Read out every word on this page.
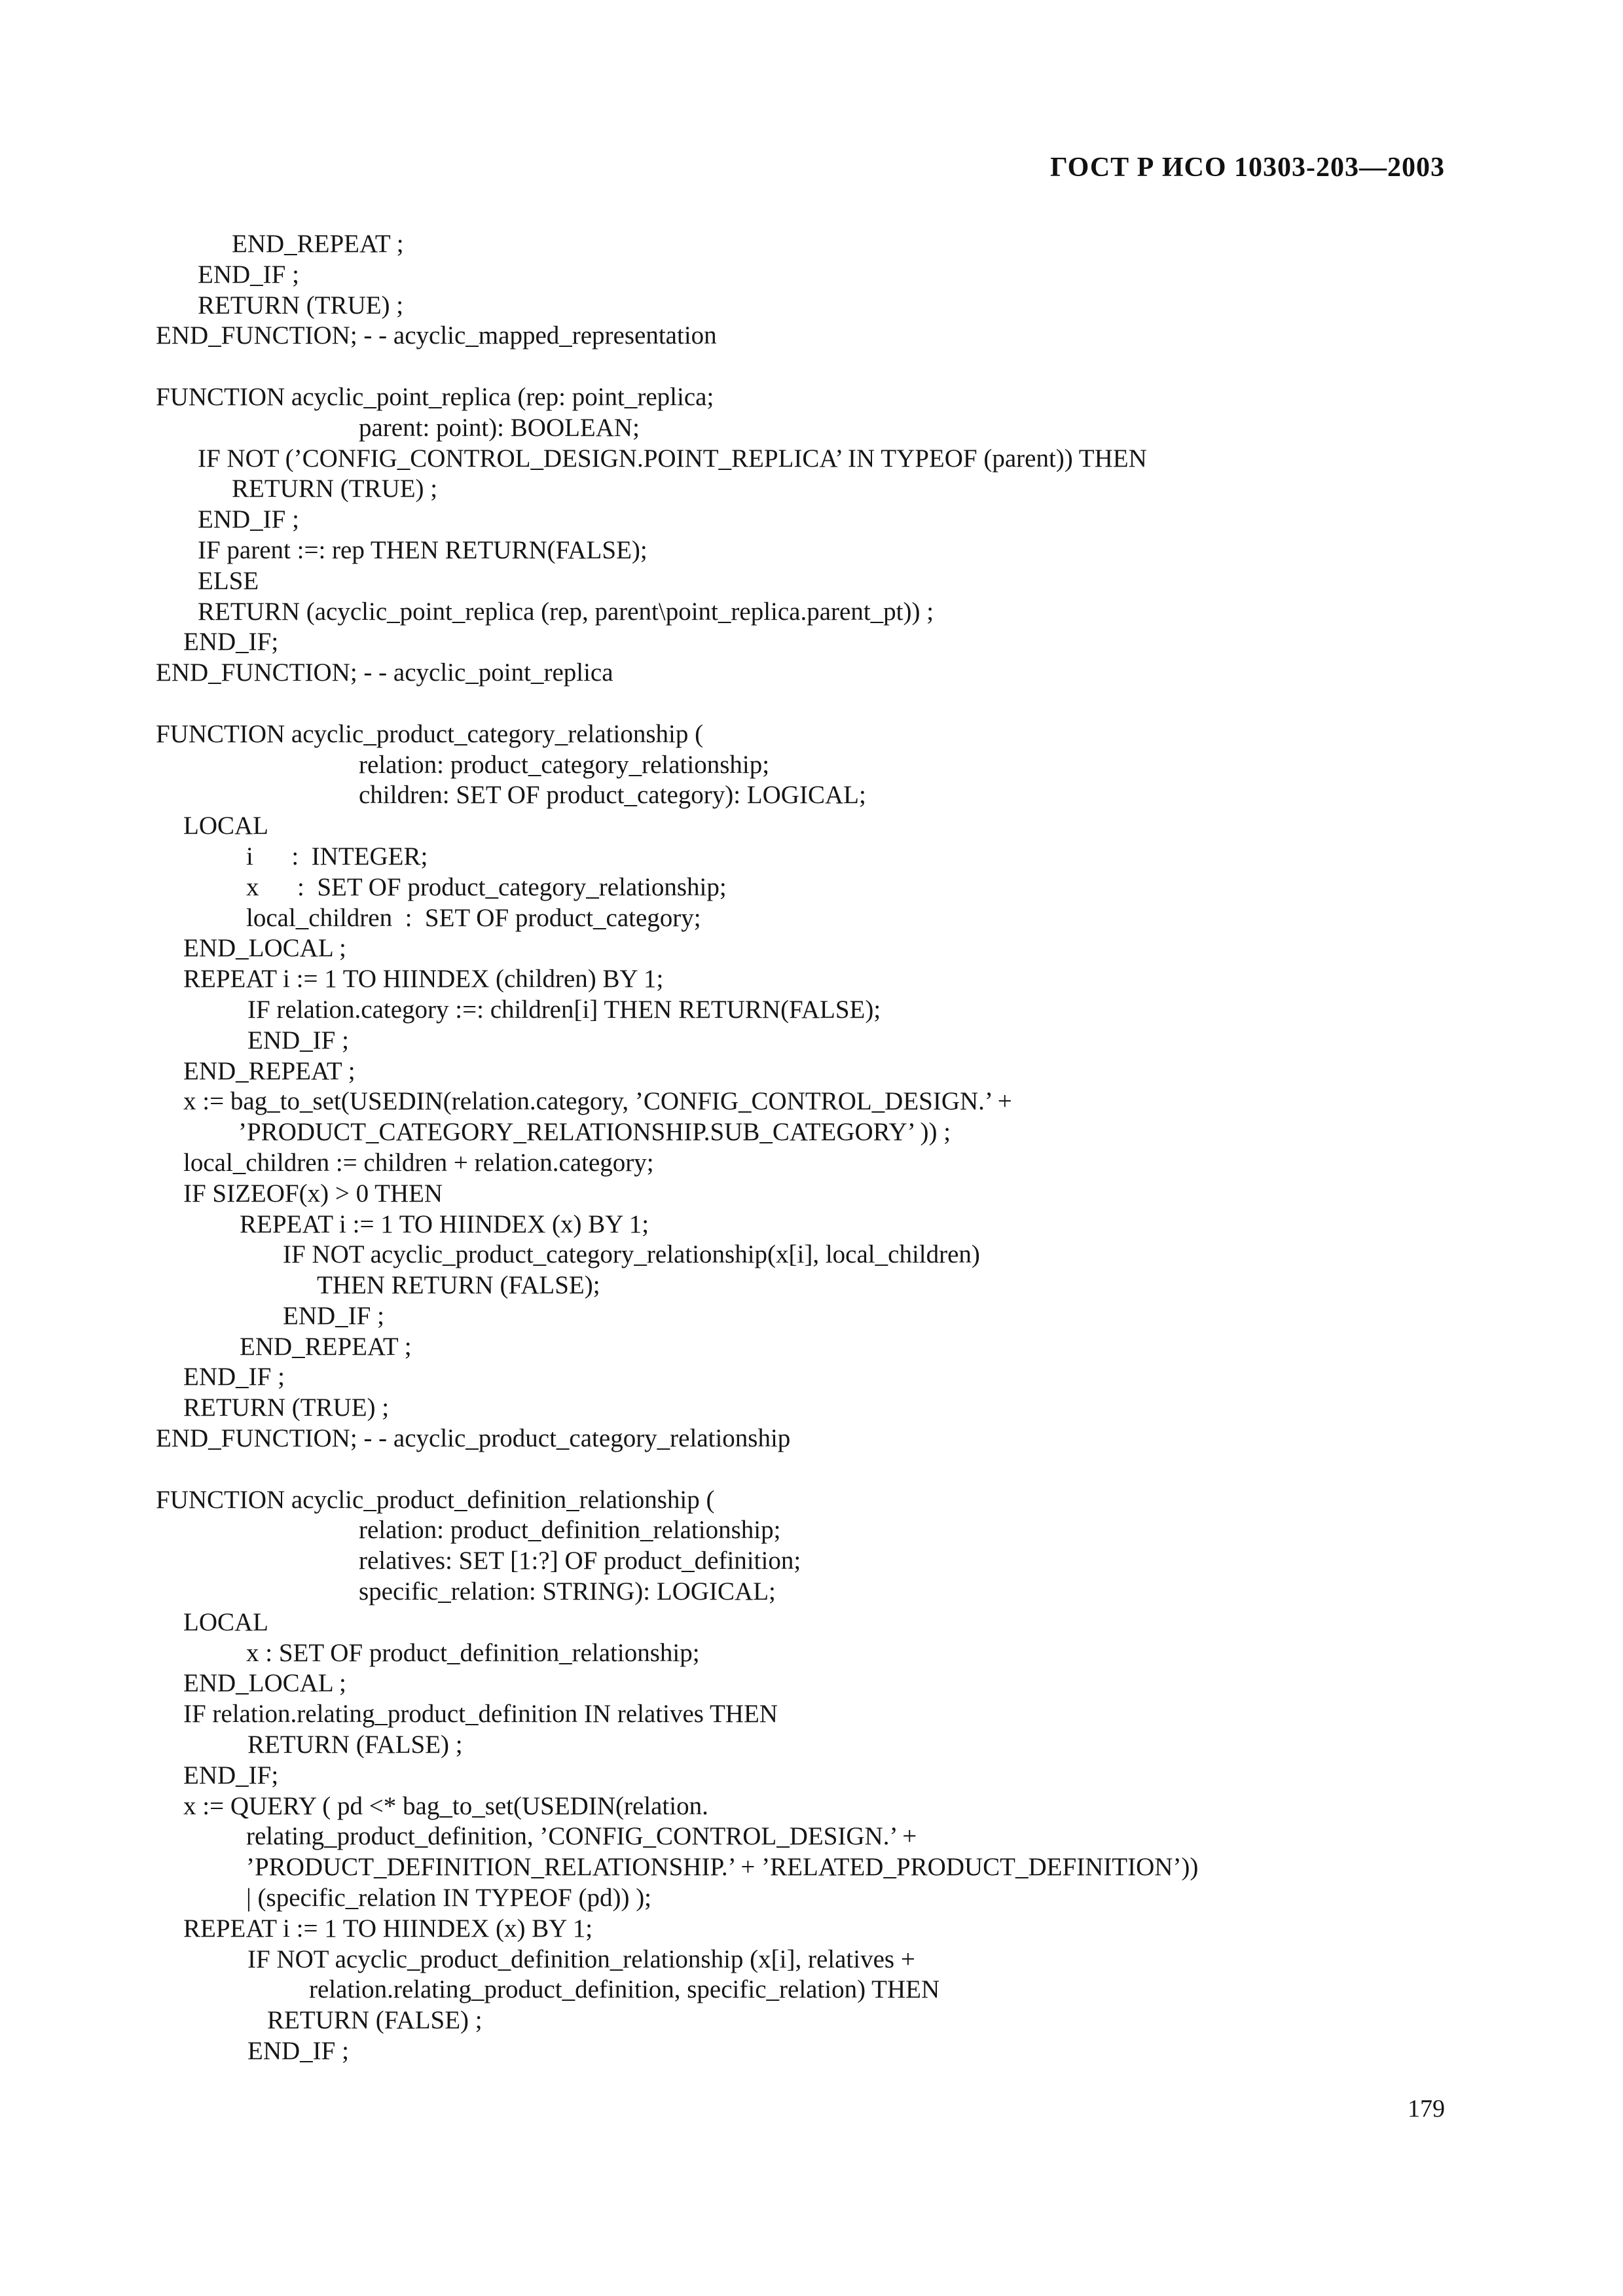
ГОСТ Р ИСО 10303-203—2003
END_REPEAT ;
END_IF ;
RETURN (TRUE) ;
END_FUNCTION; - - acyclic_mapped_representation
FUNCTION acyclic_point_replica (rep: point_replica;
parent: point): BOOLEAN;
IF NOT (’CONFIG_CONTROL_DESIGN.POINT_REPLICA’ IN TYPEOF (parent)) THEN
RETURN (TRUE) ;
END_IF ;
IF parent :=: rep THEN RETURN(FALSE);
ELSE
RETURN (acyclic_point_replica (rep, parent\point_replica.parent_pt)) ;
END_IF;
END_FUNCTION; - - acyclic_point_replica
FUNCTION acyclic_product_category_relationship (
relation: product_category_relationship;
children: SET OF product_category): LOGICAL;
LOCAL
i      :  INTEGER;
x      :  SET OF product_category_relationship;
local_children  :  SET OF product_category;
END_LOCAL ;
REPEAT i := 1 TO HIINDEX (children) BY 1;
IF relation.category :=: children[i] THEN RETURN(FALSE);
END_IF ;
END_REPEAT ;
x := bag_to_set(USEDIN(relation.category, ’CONFIG_CONTROL_DESIGN.’ +
’PRODUCT_CATEGORY_RELATIONSHIP.SUB_CATEGORY’ )) ;
local_children := children + relation.category;
IF SIZEOF(x) > 0 THEN
REPEAT i := 1 TO HIINDEX (x) BY 1;
IF NOT acyclic_product_category_relationship(x[i], local_children)
THEN RETURN (FALSE);
END_IF ;
END_REPEAT ;
END_IF ;
RETURN (TRUE) ;
END_FUNCTION; - - acyclic_product_category_relationship
FUNCTION acyclic_product_definition_relationship (
relation: product_definition_relationship;
relatives: SET [1:?] OF product_definition;
specific_relation: STRING): LOGICAL;
LOCAL
x : SET OF product_definition_relationship;
END_LOCAL ;
IF relation.relating_product_definition IN relatives THEN
RETURN (FALSE) ;
END_IF;
x := QUERY ( pd <* bag_to_set(USEDIN(relation.
relating_product_definition, ’CONFIG_CONTROL_DESIGN.’ +
’PRODUCT_DEFINITION_RELATIONSHIP.’ + ’RELATED_PRODUCT_DEFINITION’))
| (specific_relation IN TYPEOF (pd)) );
REPEAT i := 1 TO HIINDEX (x) BY 1;
IF NOT acyclic_product_definition_relationship (x[i], relatives +
relation.relating_product_definition, specific_relation) THEN
RETURN (FALSE) ;
END_IF ;
179
